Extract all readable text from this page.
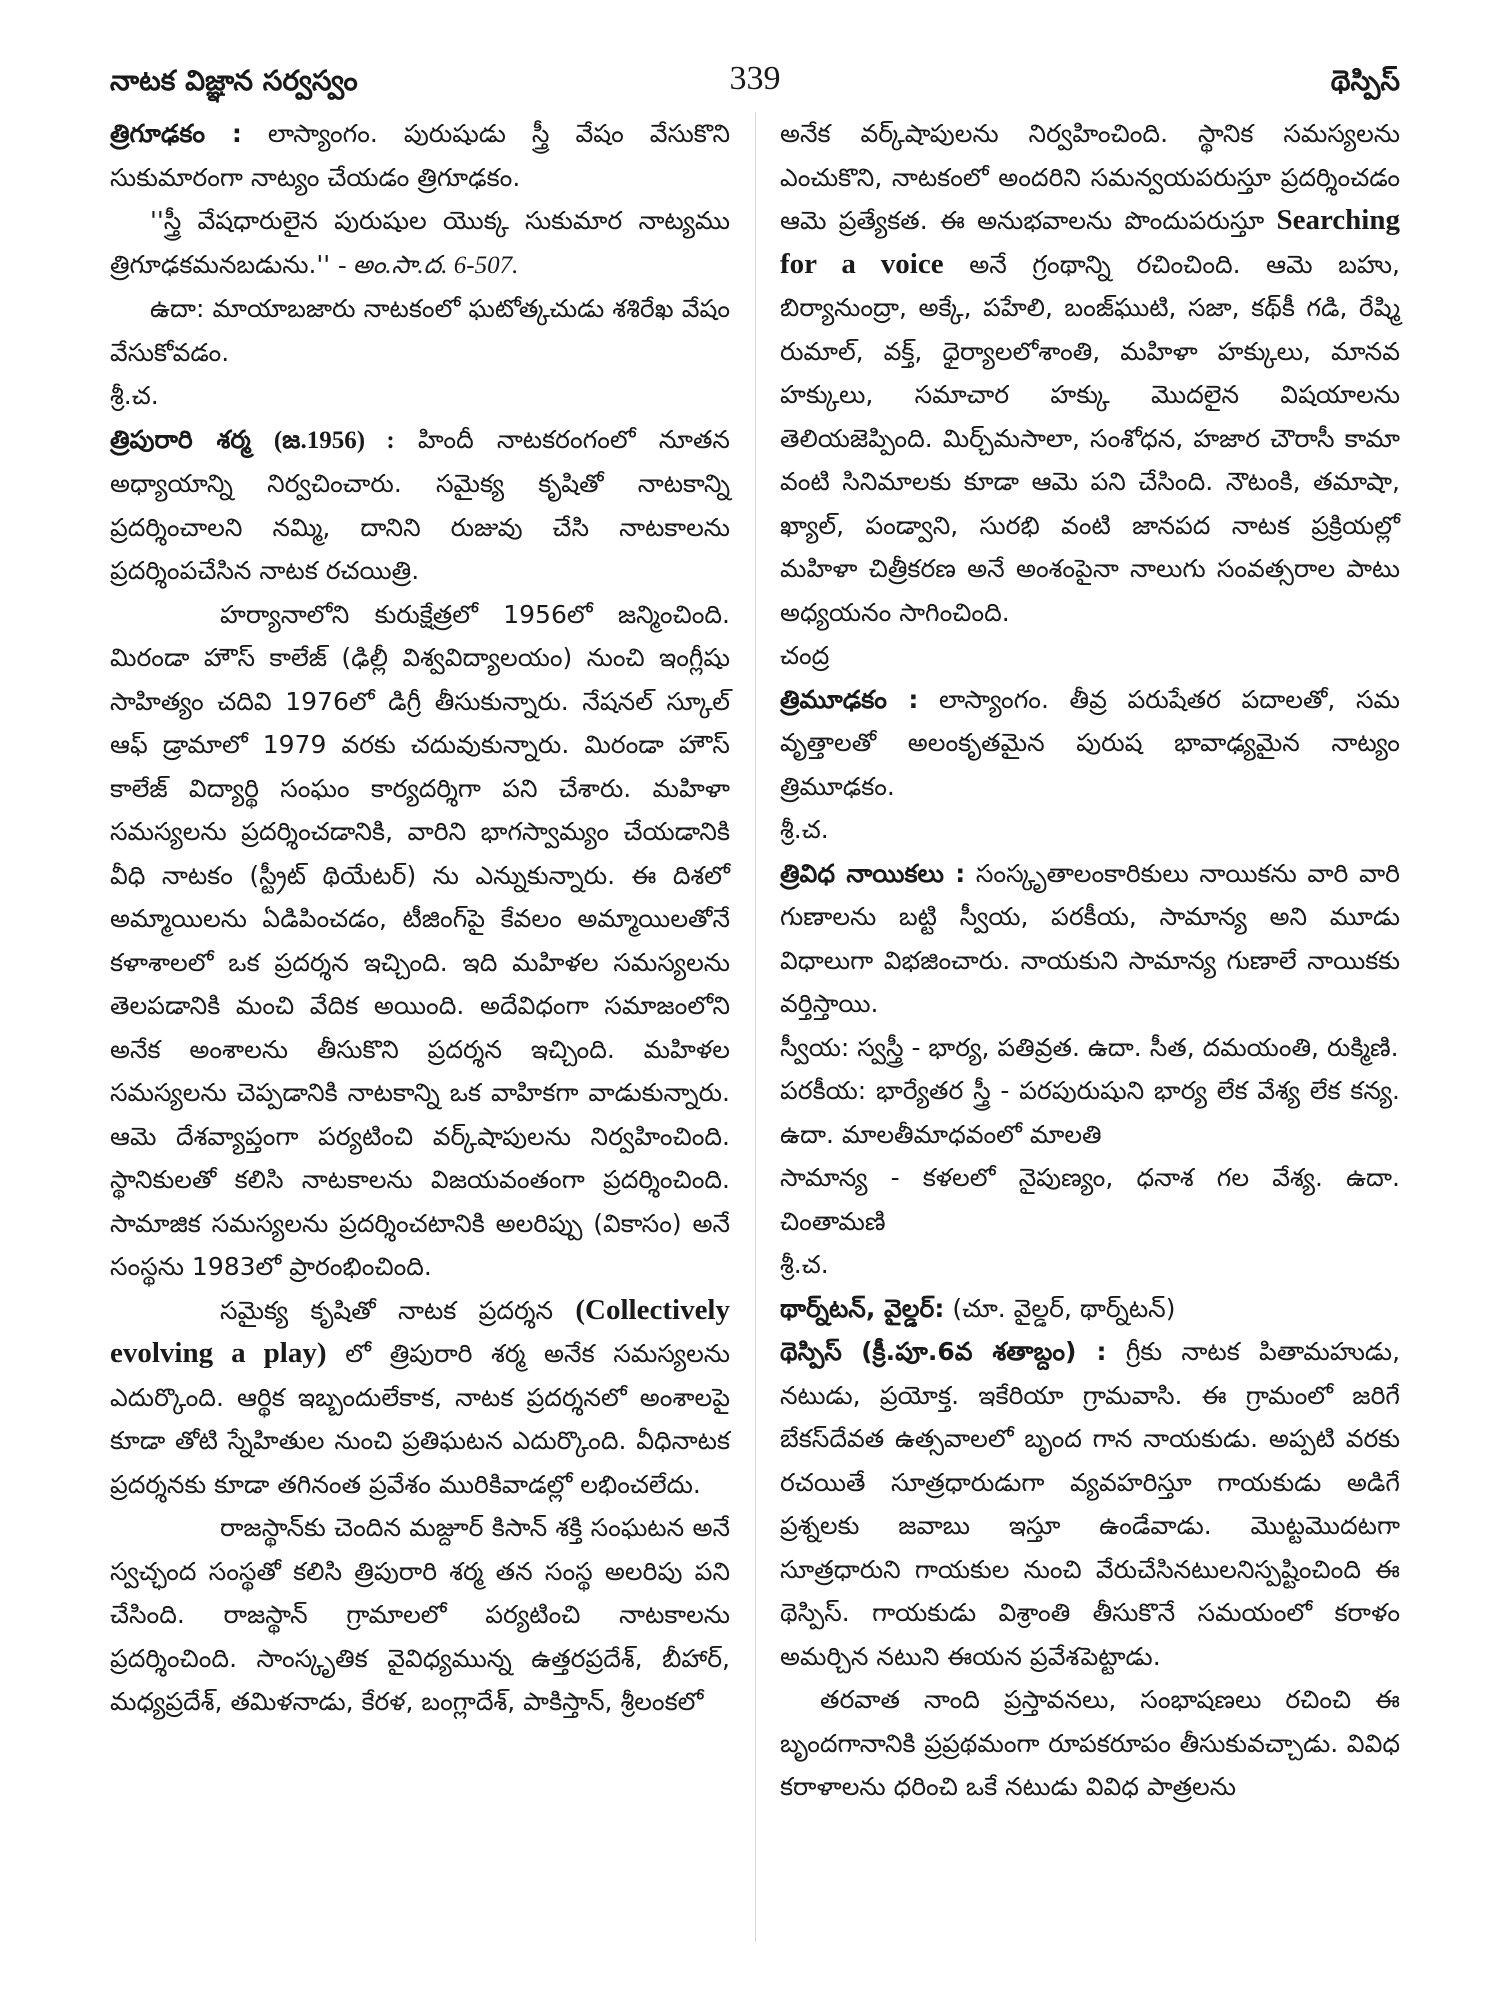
నాటక విజ్ఞాన సర్వస్వం	339	థెస్పిస్

త్రిగూఢకం : లాస్యాంగం. పురుషుడు స్త్రీ వేషం వేసుకొని సుకుమారంగా నాట్యం చేయడం త్రిగూఢకం.

''స్త్రీ వేషధారులైన పురుషుల యొక్క సుకుమార నాట్యము త్రిగూఢకమనబడును.'' - అం.సా.ద. 6-507.

ఉదా: మాయాబజారు నాటకంలో ఘటోత్కచుడు శశిరేఖ వేషం వేసుకోవడం.

శ్రీ.చ.

త్రిపురారి శర్మ (జ.1956) : హిందీ నాటకరంగంలో నూతన అధ్యాయాన్ని నిర్వచించారు. సమైక్య కృషితో నాటకాన్ని ప్రదర్శించాలని నమ్మి, దానిని రుజువు చేసి నాటకాలను ప్రదర్శింపచేసిన నాటక రచయిత్రి.

హర్యానాలోని కురుక్షేత్రలో 1956లో జన్మించింది. మిరండా హౌస్ కాలేజ్ (ఢిల్లీ విశ్వవిద్యాలయం) నుంచి ఇంగ్లీషు సాహిత్యం చదివి 1976లో డిగ్రీ తీసుకున్నారు. నేషనల్ స్కూల్ ఆఫ్ డ్రామాలో 1979 వరకు చదువుకున్నారు. మిరండా హౌస్ కాలేజ్ విద్యార్థి సంఘం కార్యదర్శిగా పని చేశారు. మహిళా సమస్యలను ప్రదర్శించడానికి, వారిని భాగస్వామ్యం చేయడానికి వీధి నాటకం (స్ట్రీట్ థియేటర్) ను ఎన్నుకున్నారు. ఈ దిశలో అమ్మాయిలను ఏడిపించడం, టీజింగ్‌పై కేవలం అమ్మాయిలతోనే కళాశాలలో ఒక ప్రదర్శన ఇచ్చింది. ఇది మహిళల సమస్యలను తెలపడానికి మంచి వేదిక అయింది. అదేవిధంగా సమాజంలోని అనేక అంశాలను తీసుకొని ప్రదర్శన ఇచ్చింది. మహిళల సమస్యలను చెప్పడానికి నాటకాన్ని ఒక వాహికగా వాడుకున్నారు. ఆమె దేశవ్యాప్తంగా పర్యటించి వర్క్‌షాపులను నిర్వహించింది. స్థానికులతో కలిసి నాటకాలను విజయవంతంగా ప్రదర్శించింది. సామాజిక సమస్యలను ప్రదర్శించటానికి అలరిప్పు (వికాసం) అనే సంస్థను 1983లో ప్రారంభించింది.

సమైక్య కృషితో నాటక ప్రదర్శన (Collectively evolving a play) లో త్రిపురారి శర్మ అనేక సమస్యలను ఎదుర్కొంది. ఆర్థిక ఇబ్బందులేకాక, నాటక ప్రదర్శనలో అంశాలపై కూడా తోటి స్నేహితుల నుంచి ప్రతిఘటన ఎదుర్కొంది. వీధినాటక ప్రదర్శనకు కూడా తగినంత ప్రవేశం మురికివాడల్లో లభించలేదు.

రాజస్థాన్‌కు చెందిన మజ్దూర్ కిసాన్ శక్తి సంఘటన అనే స్వచ్ఛంద సంస్థతో కలిసి త్రిపురారి శర్మ తన సంస్థ అలరిపు పని చేసింది. రాజస్థాన్ గ్రామాలలో పర్యటించి నాటకాలను ప్రదర్శించింది. సాంస్కృతిక వైవిధ్యమున్న ఉత్తరప్రదేశ్, బీహార్, మధ్యప్రదేశ్, తమిళనాడు, కేరళ, బంగ్లాదేశ్, పాకిస్తాన్, శ్రీలంకలో

అనేక వర్క్‌షాపులను నిర్వహించింది. స్థానిక సమస్యలను ఎంచుకొని, నాటకంలో అందరిని సమన్వయపరుస్తూ ప్రదర్శించడం ఆమె ప్రత్యేకత. ఈ అనుభవాలను పొందుపరుస్తూ Searching for a voice అనే గ్రంథాన్ని రచించింది. ఆమె బహు, బిర్యానుంద్రా, అక్కే, పహేలి, బంజ్‌ఘుటి, సజా, కథ్‌కీ గడి, రేష్మి రుమాల్, వక్త్, ధైర్యాలలోశాంతి, మహిళా హక్కులు, మానవ హక్కులు, సమాచార హక్కు మొదలైన విషయాలను తెలియజెప్పింది. మిర్చ్‌మసాలా, సంశోధన, హజార చౌరాసీ కామా వంటి సినిమాలకు కూడా ఆమె పని చేసింది. నౌటంకి, తమాషా, ఖ్యాల్, పండ్వాని, సురభి వంటి జానపద నాటక ప్రక్రియల్లో మహిళా చిత్రీకరణ అనే అంశంపైనా నాలుగు సంవత్సరాల పాటు అధ్యయనం సాగించింది.

చంద్ర

త్రిమూఢకం : లాస్యాంగం. తీవ్ర పరుషేతర పదాలతో, సమ వృత్తాలతో అలంకృతమైన పురుష భావాఢ్యమైన నాట్యం త్రిమూఢకం.

శ్రీ.చ.

త్రివిధ నాయికలు : సంస్కృతాలంకారికులు నాయికను వారి వారి గుణాలను బట్టి స్వీయ, పరకీయ, సామాన్య అని మూడు విధాలుగా విభజించారు. నాయకుని సామాన్య గుణాలే నాయికకు వర్తిస్తాయి.

స్వీయ: స్వస్త్రీ - భార్య, పతివ్రత. ఉదా. సీత, దమయంతి, రుక్మిణి.

పరకీయ: భార్యేతర స్త్రీ - పరపురుషుని భార్య లేక వేశ్య లేక కన్య. ఉదా. మాలతీమాధవంలో మాలతి

సామాన్య - కళలలో నైపుణ్యం, ధనాశ గల వేశ్య. ఉదా. చింతామణి

శ్రీ.చ.

థార్న్‌టన్, వైల్డర్: (చూ. వైల్డర్, థార్న్‌టన్)

థెస్పిస్ (క్రీ.పూ.6వ శతాబ్దం) : గ్రీకు నాటక పితామహుడు, నటుడు, ప్రయోక్త. ఇకేరియా గ్రామవాసి. ఈ గ్రామంలో జరిగే బేకస్‌దేవత ఉత్సవాలలో బృంద గాన నాయకుడు. అప్పటి వరకు రచయితే సూత్రధారుడుగా వ్యవహరిస్తూ గాయకుడు అడిగే ప్రశ్నలకు జవాబు ఇస్తూ ఉండేవాడు. మొట్టమొదటగా సూత్రధారుని గాయకుల నుంచి వేరుచేసినటులనిస్పష్టించింది ఈ థెస్పిస్. గాయకుడు విశ్రాంతి తీసుకొనే సమయంలో కరాళం అమర్చిన నటుని ఈయన ప్రవేశపెట్టాడు.

తరవాత నాంది ప్రస్తావనలు, సంభాషణలు రచించి ఈ బృందగానానికి ప్రప్రథమంగా రూపకరూపం తీసుకువచ్చాడు. వివిధ కరాళాలను ధరించి ఒకే నటుడు వివిధ పాత్రలను
